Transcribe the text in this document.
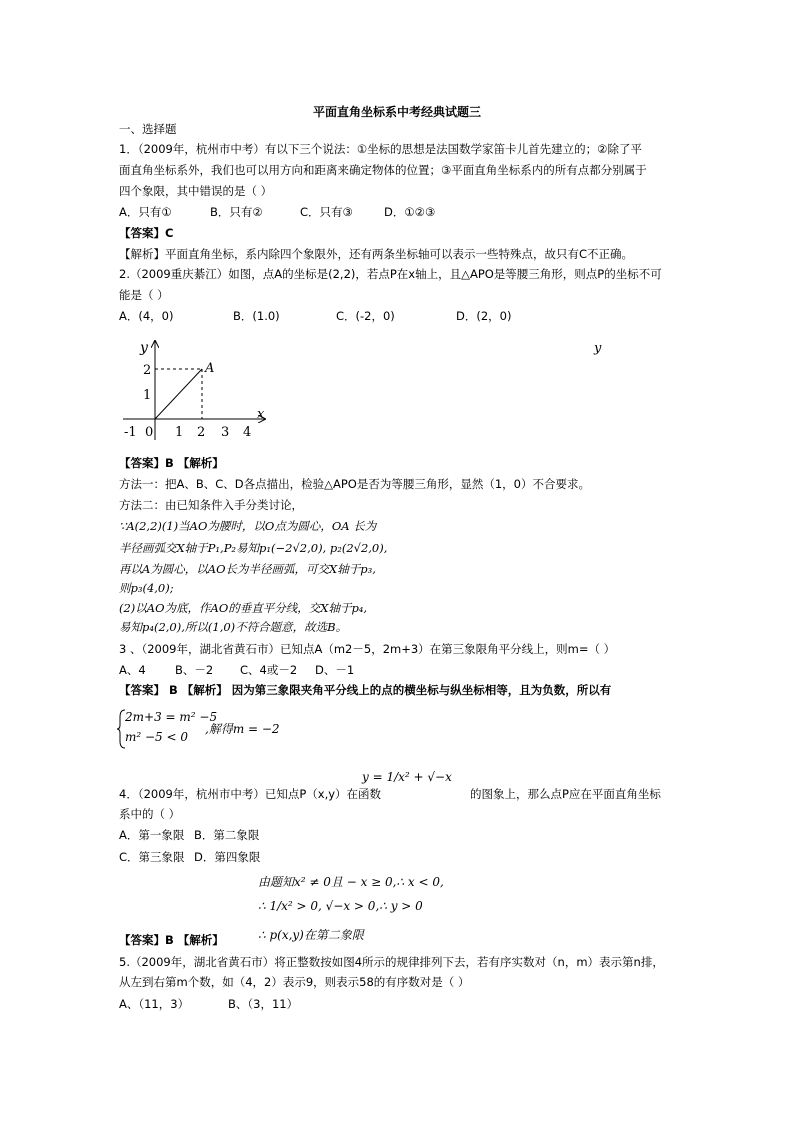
平面直角坐标系中考经典试题三
一、选择题
1．（2009年，杭州市中考）有以下三个说法：①坐标的思想是法国数学家笛卡儿首先建立的；②除了平
面直角坐标系外，我们也可以用方向和距离来确定物体的位置；③平面直角坐标系内的所有点都分别属于
四个象限，其中错误的是（ ）
A．只有①	B．只有②	C．只有③	D．①②③
【答案】C
【解析】平面直角坐标，系内除四个象限外，还有两条坐标轴可以表示一些特殊点，故只有C不正确。
2.（2009重庆綦江）如图，点A的坐标是(2,2)，若点P在x轴上，且△APO是等腰三角形，则点P的坐标不可
能是（ ）
A．(4，0)	B．(1.0)	C．(-2，0)	D．(2，0)
y
x
A
2
1
-1 0 1 2 3 4
y
【答案】B 【解析】
方法一：把A、B、C、D各点描出，检验△APO是否为等腰三角形，显然（1，0）不合要求。
方法二：由已知条件入手分类讨论，
∵A(2,2)(1)当AO为腰时，以O点为圆心，OA 长为
半径画弧交X轴于P₁,P₂易知p₁(−2√2,0), p₂(2√2,0),
再以A为圆心，以AO长为半径画弧，可交X轴于p₃,
则p₃(4,0);
(2)以AO为底，作AO的垂直平分线，交X轴于p₄,
易知p₄(2,0),所以(1,0)不符合题意，故选B。
3 、（2009年，湖北省黄石市）已知点A（m2－5，2m+3）在第三象限角平分线上，则m=（ ）
A、4	B、－2 C、4或－2 D、－1
【答案】 B 【解析】 因为第三象限夹角平分线上的点的横坐标与纵坐标相等，且为负数，所以有
2m+3 = m² −5
m² −5 < 0
,解得m = −2
y = 1/x² + √−x
4．（2009年，杭州市中考）已知点P（x,y）在函数	的图象上，那么点P应在平面直角坐标
系中的（ ）
A．第一象限 B．第二象限
C．第三象限 D．第四象限
由题知x² ≠ 0且 − x ≥ 0,∴ x < 0,
∴ 1/x² > 0, √−x > 0,∴ y > 0
∴ p(x,y)在第二象限
【答案】B 【解析】
5.（2009年，湖北省黄石市）将正整数按如图4所示的规律排列下去，若有序实数对（n，m）表示第n排，
从左到右第m个数，如（4，2）表示9，则表示58的有序数对是（ ）
A、（11，3）	B、（3，11）
